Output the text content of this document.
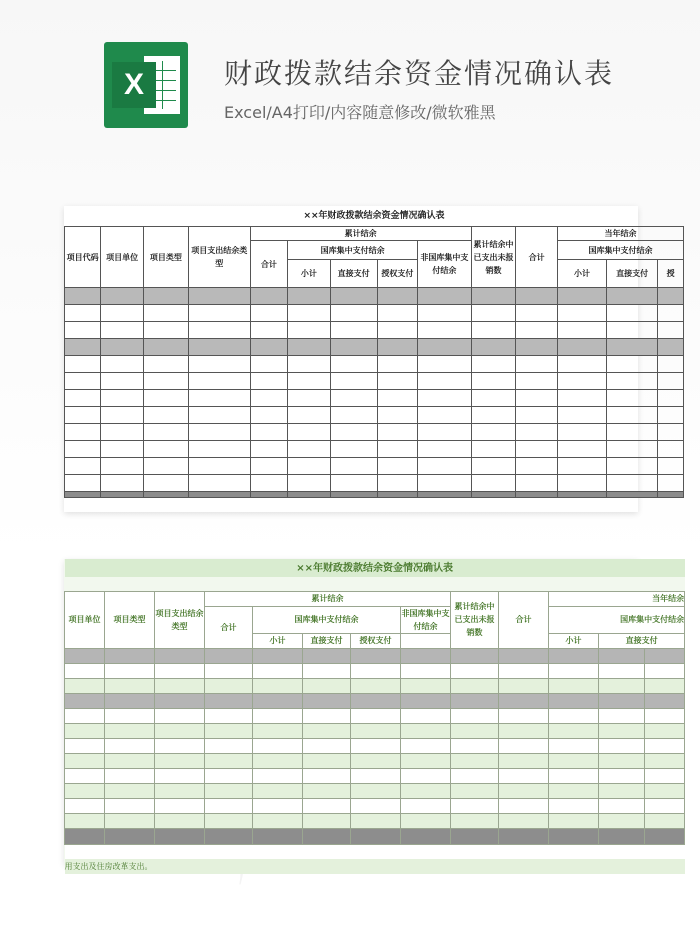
X	财政拨款结余资金情况确认表
Excel/A4打印/内容随意修改/微软雅黑
××年财政拨款结余资金情况确认表													
项目代码	项目单位	项目类型	项目支出结余类型	累计结余					累计结余中已支出未报销数	合计	当年结余		
				合计	国库集中支付结余			非国库集中支付结余			国库集中支付结余		
					小计	直接支付	授权支付				小计	直接支付	授

××年财政拨款结余资金情况确认表												

项目单位	项目类型	项目支出结余类型	累计结余					累计结余中已支出未报销数	合计	当年结余		
			合计	国库集中支付结余			非国库集中支付结余			国库集中支付结余		
				小计	直接支付	授权支付				小计	直接支付	

用支出及住房改革支出。												
